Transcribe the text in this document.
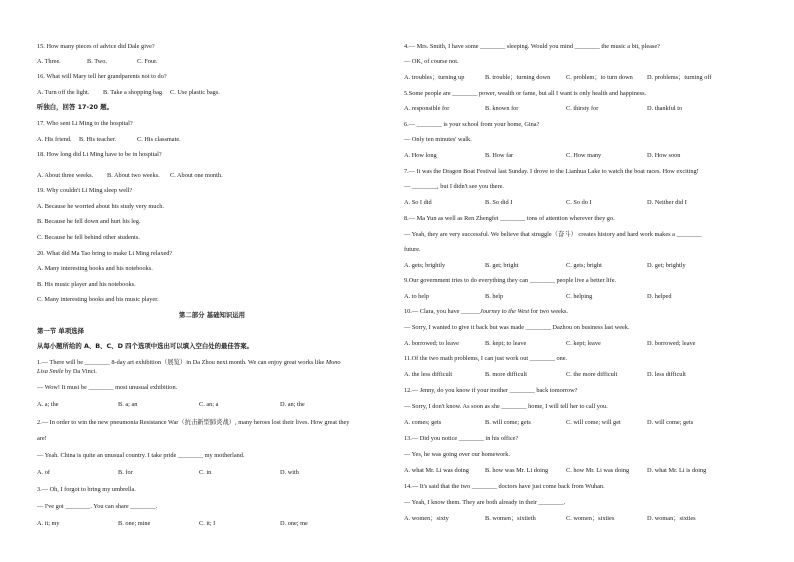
15. How many pieces of advice did Dale give?
A. Three.	B. Two.	C. Four.
16. What will Mary tell her grandparents not to do?
A. Turn off the light.	B. Take a shopping bag.	C. Use plastic bags.
听独白，回答 17-20 题。
17. Who sent Li Ming to the hospital?
A. His friend.	B. His teacher.	C. His classmate.
18. How long did Li Ming have to be in hospital?
A. About three weeks.	B. About two weeks.	C. About one month.
19. Why couldn't Li Ming sleep well?
A. Because he worried about his study very much.
B. Because he fell down and hurt his leg.
C. Because he fell behind other students.
20. What did Ma Tao bring to make Li Ming relaxed?
A. Many interesting books and his notebooks.
B. His music player and his notebooks.
C. Many interesting books and his music player.
第二部分 基础知识运用
第一节 单项选择
从每小题所给的 A、B、C、D 四个选项中选出可以填入空白处的最佳答案。
1.— There will be ________ 8-day art exhibition（展览）in Da Zhou next month. We can enjoy great works like Mono
Lisa Smile by Da Vinci.
— Wow! It must be ________ most unusual exhibition.
A. a; the	B. a; an	C. an; a	D. an; the
2.— In order to win the new pneumonia Resistance War（抗击新型肺炎战）, many heroes lost their lives. How great they
are!
— Yeah. China is quite an unusual country. I take pride ________ my motherland.
A. of	B. for	C. in	D. with
3.— Oh, I forgot to bring my umbrella.
— I've got ________. You can share ________.
A. it; my	B. one; mine	C. it; I	D. one; me
4.— Mrs. Smith, I have some ________ sleeping. Would you mind ________ the music a bit, please?
— OK, of course not.
A. troubles；turning up	B. trouble；turning down	C. problem；to turn down	D. problems；turning off
5.Some people are ________ power, wealth or fame, but all I want is only health and happiness.
A. responsible for	B. known for	C. thirsty for	D. thankful to
6.— ________ is your school from your home, Gina?
— Only ten minutes' walk.
A. How long	B. How far	C. How many	D. How soon
7.— It was the Dragon Boat Festival last Sunday. I drove to the Lianhua Lake to watch the boat races. How exciting!
— ________, but I didn't see you there.
A. So I did	B. So did I	C. So do I	D. Neither did I
8.— Ma Yun as well as Ren Zhengfei ________ tons of attention wherever they go.
— Yeah, they are very successful. We believe that struggle（奋斗） creates history and hard work makes a ________
future.
A. gets; brightly	B. get; bright	C. gets; bright	D. get; brightly
9.Our government tries to do everything they can ________ people live a better life.
A. to help	B. help	C. helping	D. helped
10.— Clara, you have ______Journey to the West for two weeks.
— Sorry, I wanted to give it back but was made ________ Dazhou on business last week.
A. borrowed; to leave	B. kept; to leave	C. kept; leave	D. borrowed; leave
11.Of the two math problems, I can just work out ________ one.
A. the less difficult	B. more difficult	C. the more difficult	D. less difficult
12.— Jenny, do you know if your mother ________ back tomorrow?
— Sorry, I don't know. As soon as she ________ home, I will tell her to call you.
A. comes; gets	B. will come; gets	C. will come; will get	D. will come; gets
13.— Did you notice ________ in his office?
— Yes, he was going over our homework.
A. what Mr. Li was doing	B. how was Mr. Li doing	C. how Mr. Li was doing	D. what Mr. Li is doing
14.— It's said that the two ________ doctors have just come back from Wuhan.
— Yeah, I know them. They are both already in their ________.
A. women；sixty	B. women；sixtieth	C. women；sixties	D. woman；sixties
